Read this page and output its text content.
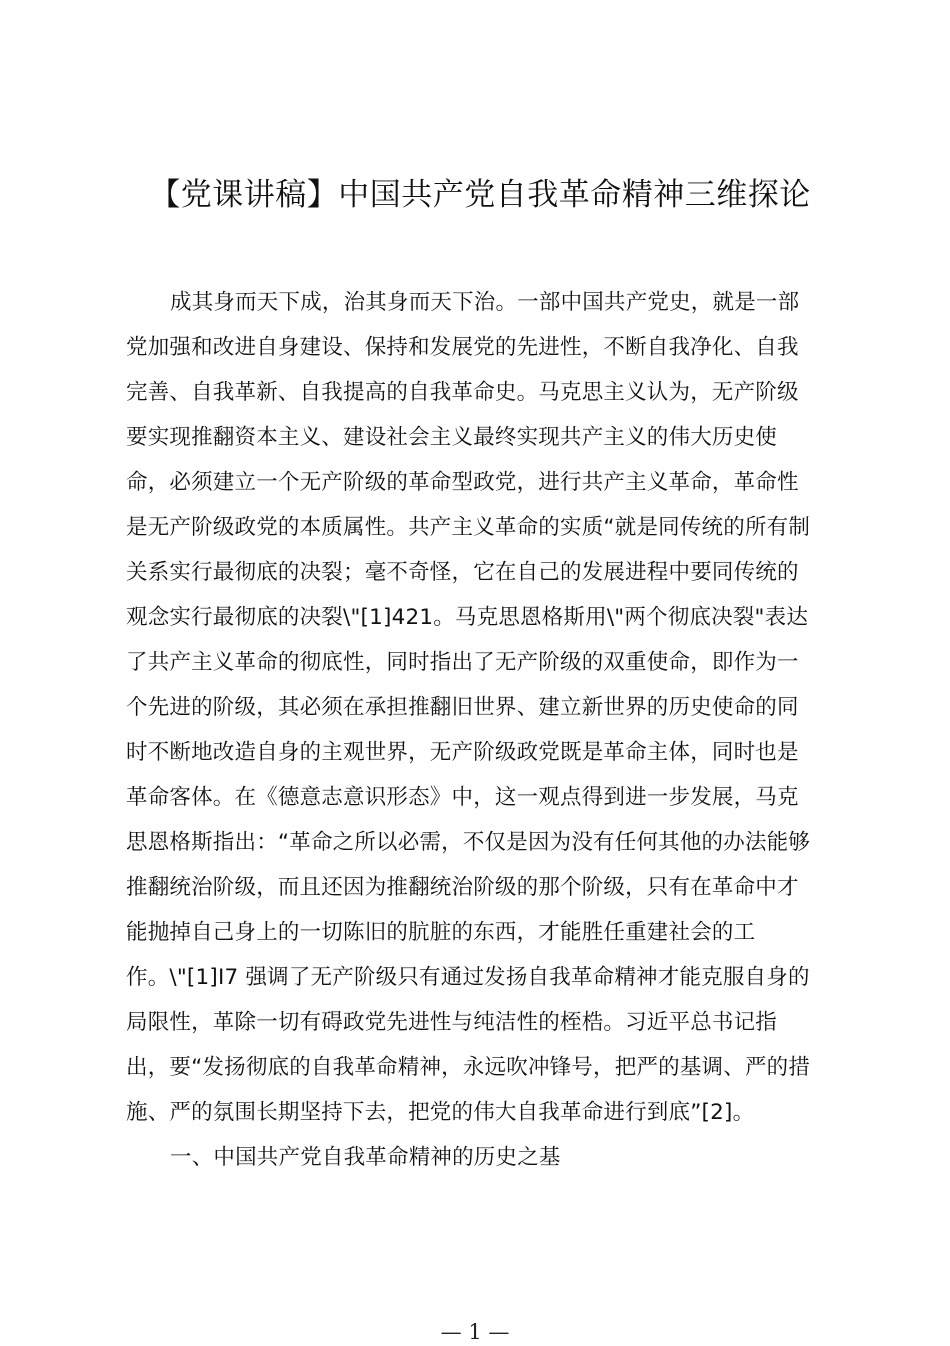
【党课讲稿】中国共产党自我革命精神三维探论
成其身而天下成，治其身而天下治。一部中国共产党史，就是一部
党加强和改进自身建设、保持和发展党的先进性，不断自我净化、自我
完善、自我革新、自我提高的自我革命史。马克思主义认为，无产阶级
要实现推翻资本主义、建设社会主义最终实现共产主义的伟大历史使
命，必须建立一个无产阶级的革命型政党，进行共产主义革命，革命性
是无产阶级政党的本质属性。共产主义革命的实质“就是同传统的所有制
关系实行最彻底的决裂；毫不奇怪，它在自己的发展进程中要同传统的
观念实行最彻底的决裂\"[1]421。马克思恩格斯用\"两个彻底决裂"表达
了共产主义革命的彻底性，同时指出了无产阶级的双重使命，即作为一
个先进的阶级，其必须在承担推翻旧世界、建立新世界的历史使命的同
时不断地改造自身的主观世界，无产阶级政党既是革命主体，同时也是
革命客体。在《德意志意识形态》中，这一观点得到进一步发展，马克
思恩格斯指出：“革命之所以必需，不仅是因为没有任何其他的办法能够
推翻统治阶级，而且还因为推翻统治阶级的那个阶级，只有在革命中才
能抛掉自己身上的一切陈旧的肮脏的东西，才能胜任重建社会的工
作。\"[1]I7 强调了无产阶级只有通过发扬自我革命精神才能克服自身的
局限性，革除一切有碍政党先进性与纯洁性的桎梏。习近平总书记指
出，要“发扬彻底的自我革命精神，永远吹冲锋号，把严的基调、严的措
施、严的氛围长期坚持下去，把党的伟大自我革命进行到底”[2]。
一、中国共产党自我革命精神的历史之基
— 1 —
